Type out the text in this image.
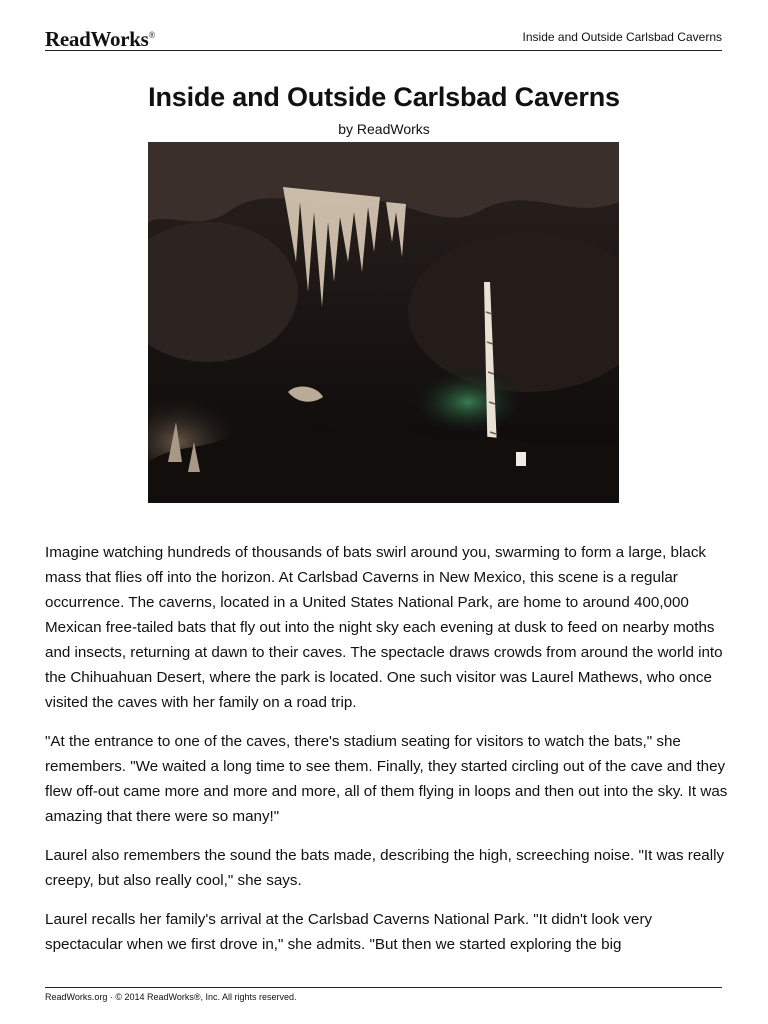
ReadWorks®	Inside and Outside Carlsbad Caverns
Inside and Outside Carlsbad Caverns
by ReadWorks

Imagine watching hundreds of thousands of bats swirl around you, swarming to form a large, black mass that flies off into the horizon. At Carlsbad Caverns in New Mexico, this scene is a regular occurrence. The caverns, located in a United States National Park, are home to around 400,000 Mexican free-tailed bats that fly out into the night sky each evening at dusk to feed on nearby moths and insects, returning at dawn to their caves. The spectacle draws crowds from around the world into the Chihuahuan Desert, where the park is located. One such visitor was Laurel Mathews, who once visited the caves with her family on a road trip.

"At the entrance to one of the caves, there's stadium seating for visitors to watch the bats," she remembers. "We waited a long time to see them. Finally, they started circling out of the cave and they flew off-out came more and more and more, all of them flying in loops and then out into the sky. It was amazing that there were so many!"

Laurel also remembers the sound the bats made, describing the high, screeching noise. "It was really creepy, but also really cool," she says.

Laurel recalls her family's arrival at the Carlsbad Caverns National Park. "It didn't look very spectacular when we first drove in," she admits. "But then we started exploring the big

ReadWorks.org · © 2014 ReadWorks®, Inc. All rights reserved.
